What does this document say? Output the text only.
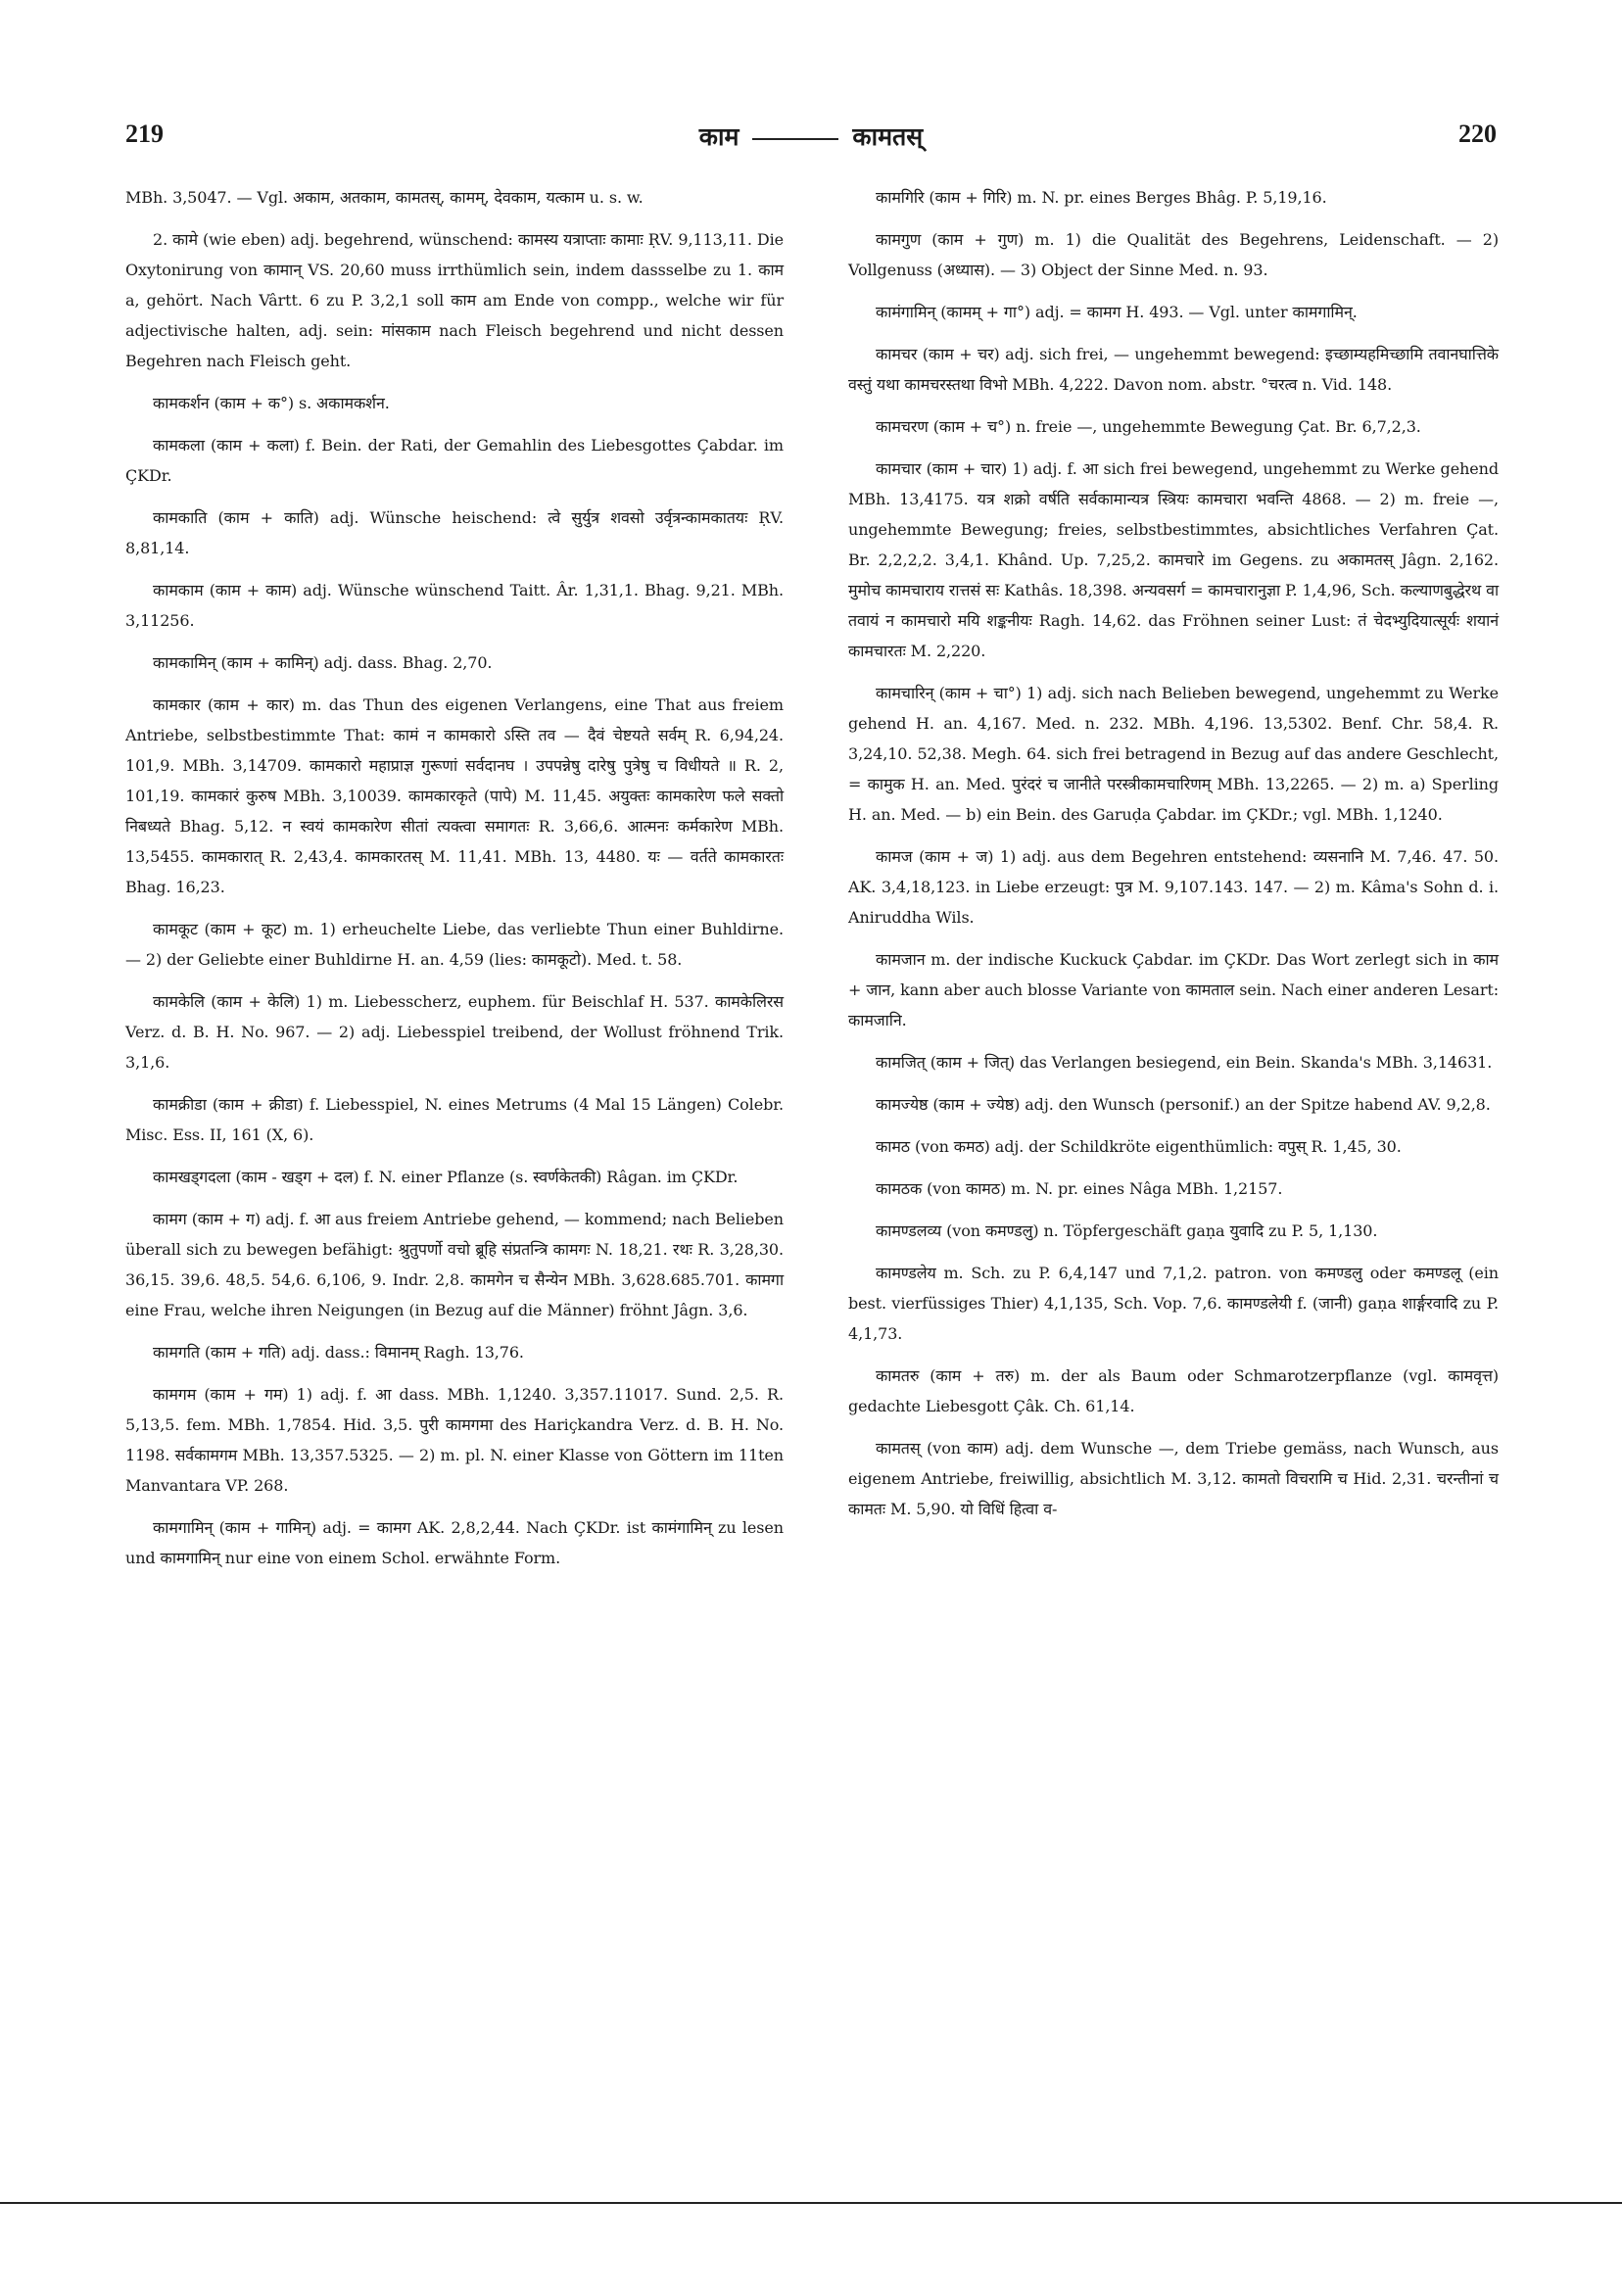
219	काम	कामतस्	220

MBh. 3,5047. — Vgl. अकाम, अतकाम, कामतस्, कामम्, देवकाम, यत्काम u. s. w.

2. कामे (wie eben) adj. begehrend, wünschend: कामस्य यत्राप्ताः कामाः ṚV. 9,113,11. Die Oxytonirung von कामान् VS. 20,60 muss irrthümlich sein, indem dassselbe zu 1. काम a, gehört. Nach Vârtt. 6 zu P. 3,2,1 soll काम am Ende von compp., welche wir für adjectivische halten, adj. sein: मांसकाम nach Fleisch begehrend und nicht dessen Begehren nach Fleisch geht.

कामकर्शन (काम + क°) s. अकामकर्शन.

कामकला (काम + कला) f. Bein. der Rati, der Gemahlin des Liebesgottes Çabdar. im ÇKDr.

कामकाति (काम + काति) adj. Wünsche heischend: त्वे सुर्युत्र शवसो उर्वृत्रन्कामकातयः ṚV. 8,81,14.

कामकाम (काम + काम) adj. Wünsche wünschend Taitt. Âr. 1,31,1. Bhag. 9,21. MBh. 3,11256.

कामकामिन् (काम + कामिन्) adj. dass. Bhag. 2,70.

कामकार (काम + कार) m. das Thun des eigenen Verlangens, eine That aus freiem Antriebe, selbstbestimmte That: कामं न कामकारो ऽस्ति तव — दैवं चेष्टयते सर्वम् R. 6,94,24. 101,9. MBh. 3,14709. कामकारो महाप्राज्ञ गुरूणां सर्वदानघ । उपपन्नेषु दारेषु पुत्रेषु च विधीयते ॥ R. 2, 101,19. कामकारं कुरुष MBh. 3,10039. कामकारकृते (पापे) M. 11,45. अयुक्तः कामकारेण फले सक्तो निबध्यते Bhag. 5,12. न स्वयं कामकारेण सीतां त्यक्त्वा समागतः R. 3,66,6. आत्मनः कर्मकारेण MBh. 13,5455. कामकारात् R. 2,43,4. कामकारतस् M. 11,41. MBh. 13, 4480. यः — वर्तते कामकारतः Bhag. 16,23.

कामकूट (काम + कूट) m. 1) erheuchelte Liebe, das verliebte Thun einer Buhldirne. — 2) der Geliebte einer Buhldirne H. an. 4,59 (lies: कामकूटो). Med. t. 58.

कामकेलि (काम + केलि) 1) m. Liebesscherz, euphem. für Beischlaf H. 537. कामकेलिरस Verz. d. B. H. No. 967. — 2) adj. Liebesspiel treibend, der Wollust fröhnend Trik. 3,1,6.

कामक्रीडा (काम + क्रीडा) f. Liebesspiel, N. eines Metrums (4 Mal 15 Längen) Colebr. Misc. Ess. II, 161 (X, 6).

कामखड्गदला (काम - खड्ग + दल) f. N. einer Pflanze (s. स्वर्णकेतकी) Râgan. im ÇKDr.

कामग (काम + ग) adj. f. आ aus freiem Antriebe gehend, — kommend; nach Belieben überall sich zu bewegen befähigt: श्रुतुपर्णो वचो ब्रूहि संप्रतन्त्रि कामगः N. 18,21. रथः R. 3,28,30. 36,15. 39,6. 48,5. 54,6. 6,106, 9. Indr. 2,8. कामगेन च सैन्येन MBh. 3,628.685.701. कामगा eine Frau, welche ihren Neigungen (in Bezug auf die Männer) fröhnt Jâgn. 3,6.

कामगति (काम + गति) adj. dass.: विमानम् Ragh. 13,76.

कामगम (काम + गम) 1) adj. f. आ dass. MBh. 1,1240. 3,357.11017. Sund. 2,5. R. 5,13,5. fem. MBh. 1,7854. Hid. 3,5. पुरी कामगमा des Hariçkandra Verz. d. B. H. No. 1198. सर्वकामगम MBh. 13,357.5325. — 2) m. pl. N. einer Klasse von Göttern im 11ten Manvantara VP. 268.

कामगामिन् (काम + गामिन्) adj. = कामग AK. 2,8,2,44. Nach ÇKDr. ist कामंगामिन् zu lesen und कामगामिन् nur eine von einem Schol. erwähnte Form.

कामगिरि (काम + गिरि) m. N. pr. eines Berges Bhâg. P. 5,19,16.

कामगुण (काम + गुण) m. 1) die Qualität des Begehrens, Leidenschaft. — 2) Vollgenuss (अध्यास). — 3) Object der Sinne Med. n. 93.

कामंगामिन् (कामम् + गा°) adj. = कामग H. 493. — Vgl. unter कामगामिन्.

कामचर (काम + चर) adj. sich frei, — ungehemmt bewegend: इच्छाम्यहमिच्छामि तवानघात्तिके वस्तुं यथा कामचरस्तथा विभो MBh. 4,222. Davon nom. abstr. °चरत्व n. Vid. 148.

कामचरण (काम + च°) n. freie —, ungehemmte Bewegung Çat. Br. 6,7,2,3.

कामचार (काम + चार) 1) adj. f. आ sich frei bewegend, ungehemmt zu Werke gehend MBh. 13,4175. यत्र शक्रो वर्षति सर्वकामान्यत्र स्त्रियः कामचारा भवन्ति 4868. — 2) m. freie —, ungehemmte Bewegung; freies, selbstbestimmtes, absichtliches Verfahren Çat. Br. 2,2,2,2. 3,4,1. Khând. Up. 7,25,2. कामचारे im Gegens. zu अकामतस् Jâgn. 2,162. मुमोच कामचाराय रात्तसं सः Kathâs. 18,398. अन्यवसर्ग = कामचारानुज्ञा P. 1,4,96, Sch. कल्याणबुद्धेरथ वा तवायं न कामचारो मयि शङ्कनीयः Ragh. 14,62. das Fröhnen seiner Lust: तं चेदभ्युदियात्सूर्यः शयानं कामचारतः M. 2,220.

कामचारिन् (काम + चा°) 1) adj. sich nach Belieben bewegend, ungehemmt zu Werke gehend H. an. 4,167. Med. n. 232. MBh. 4,196. 13,5302. Benf. Chr. 58,4. R. 3,24,10. 52,38. Megh. 64. sich frei betragend in Bezug auf das andere Geschlecht, = कामुक H. an. Med. पुरंदरं च जानीते परस्त्रीकामचारिणम् MBh. 13,2265. — 2) m. a) Sperling H. an. Med. — b) ein Bein. des Garuḍa Çabdar. im ÇKDr.; vgl. MBh. 1,1240.

कामज (काम + ज) 1) adj. aus dem Begehren entstehend: व्यसनानि M. 7,46. 47. 50. AK. 3,4,18,123. in Liebe erzeugt: पुत्र M. 9,107.143. 147. — 2) m. Kâma's Sohn d. i. Aniruddha Wils.

कामजान m. der indische Kuckuck Çabdar. im ÇKDr. Das Wort zerlegt sich in काम + जान, kann aber auch blosse Variante von कामताल sein. Nach einer anderen Lesart: कामजानि.

कामजित् (काम + जित्) das Verlangen besiegend, ein Bein. Skanda's MBh. 3,14631.

कामज्येष्ठ (काम + ज्येष्ठ) adj. den Wunsch (personif.) an der Spitze habend AV. 9,2,8.

कामठ (von कमठ) adj. der Schildkröte eigenthümlich: वपुस् R. 1,45, 30.

कामठक (von कामठ) m. N. pr. eines Nâga MBh. 1,2157.

कामण्डलव्य (von कमण्डलु) n. Töpfergeschäft gaṇa युवादि zu P. 5, 1,130.

कामण्डलेय m. Sch. zu P. 6,4,147 und 7,1,2. patron. von कमण्डलु oder कमण्डलू (ein best. vierfüssiges Thier) 4,1,135, Sch. Vop. 7,6. कामण्डलेयी f. (जानी) gaṇa शार्ङ्गरवादि zu P. 4,1,73.

कामतरु (काम + तरु) m. der als Baum oder Schmarotzerpflanze (vgl. कामवृत्त) gedachte Liebesgott Çâk. Ch. 61,14.

कामतस् (von काम) adj. dem Wunsche —, dem Triebe gemäss, nach Wunsch, aus eigenem Antriebe, freiwillig, absichtlich M. 3,12. कामतो विचरामि च Hid. 2,31. चरन्तीनां च कामतः M. 5,90. यो विधिं हित्वा व-
